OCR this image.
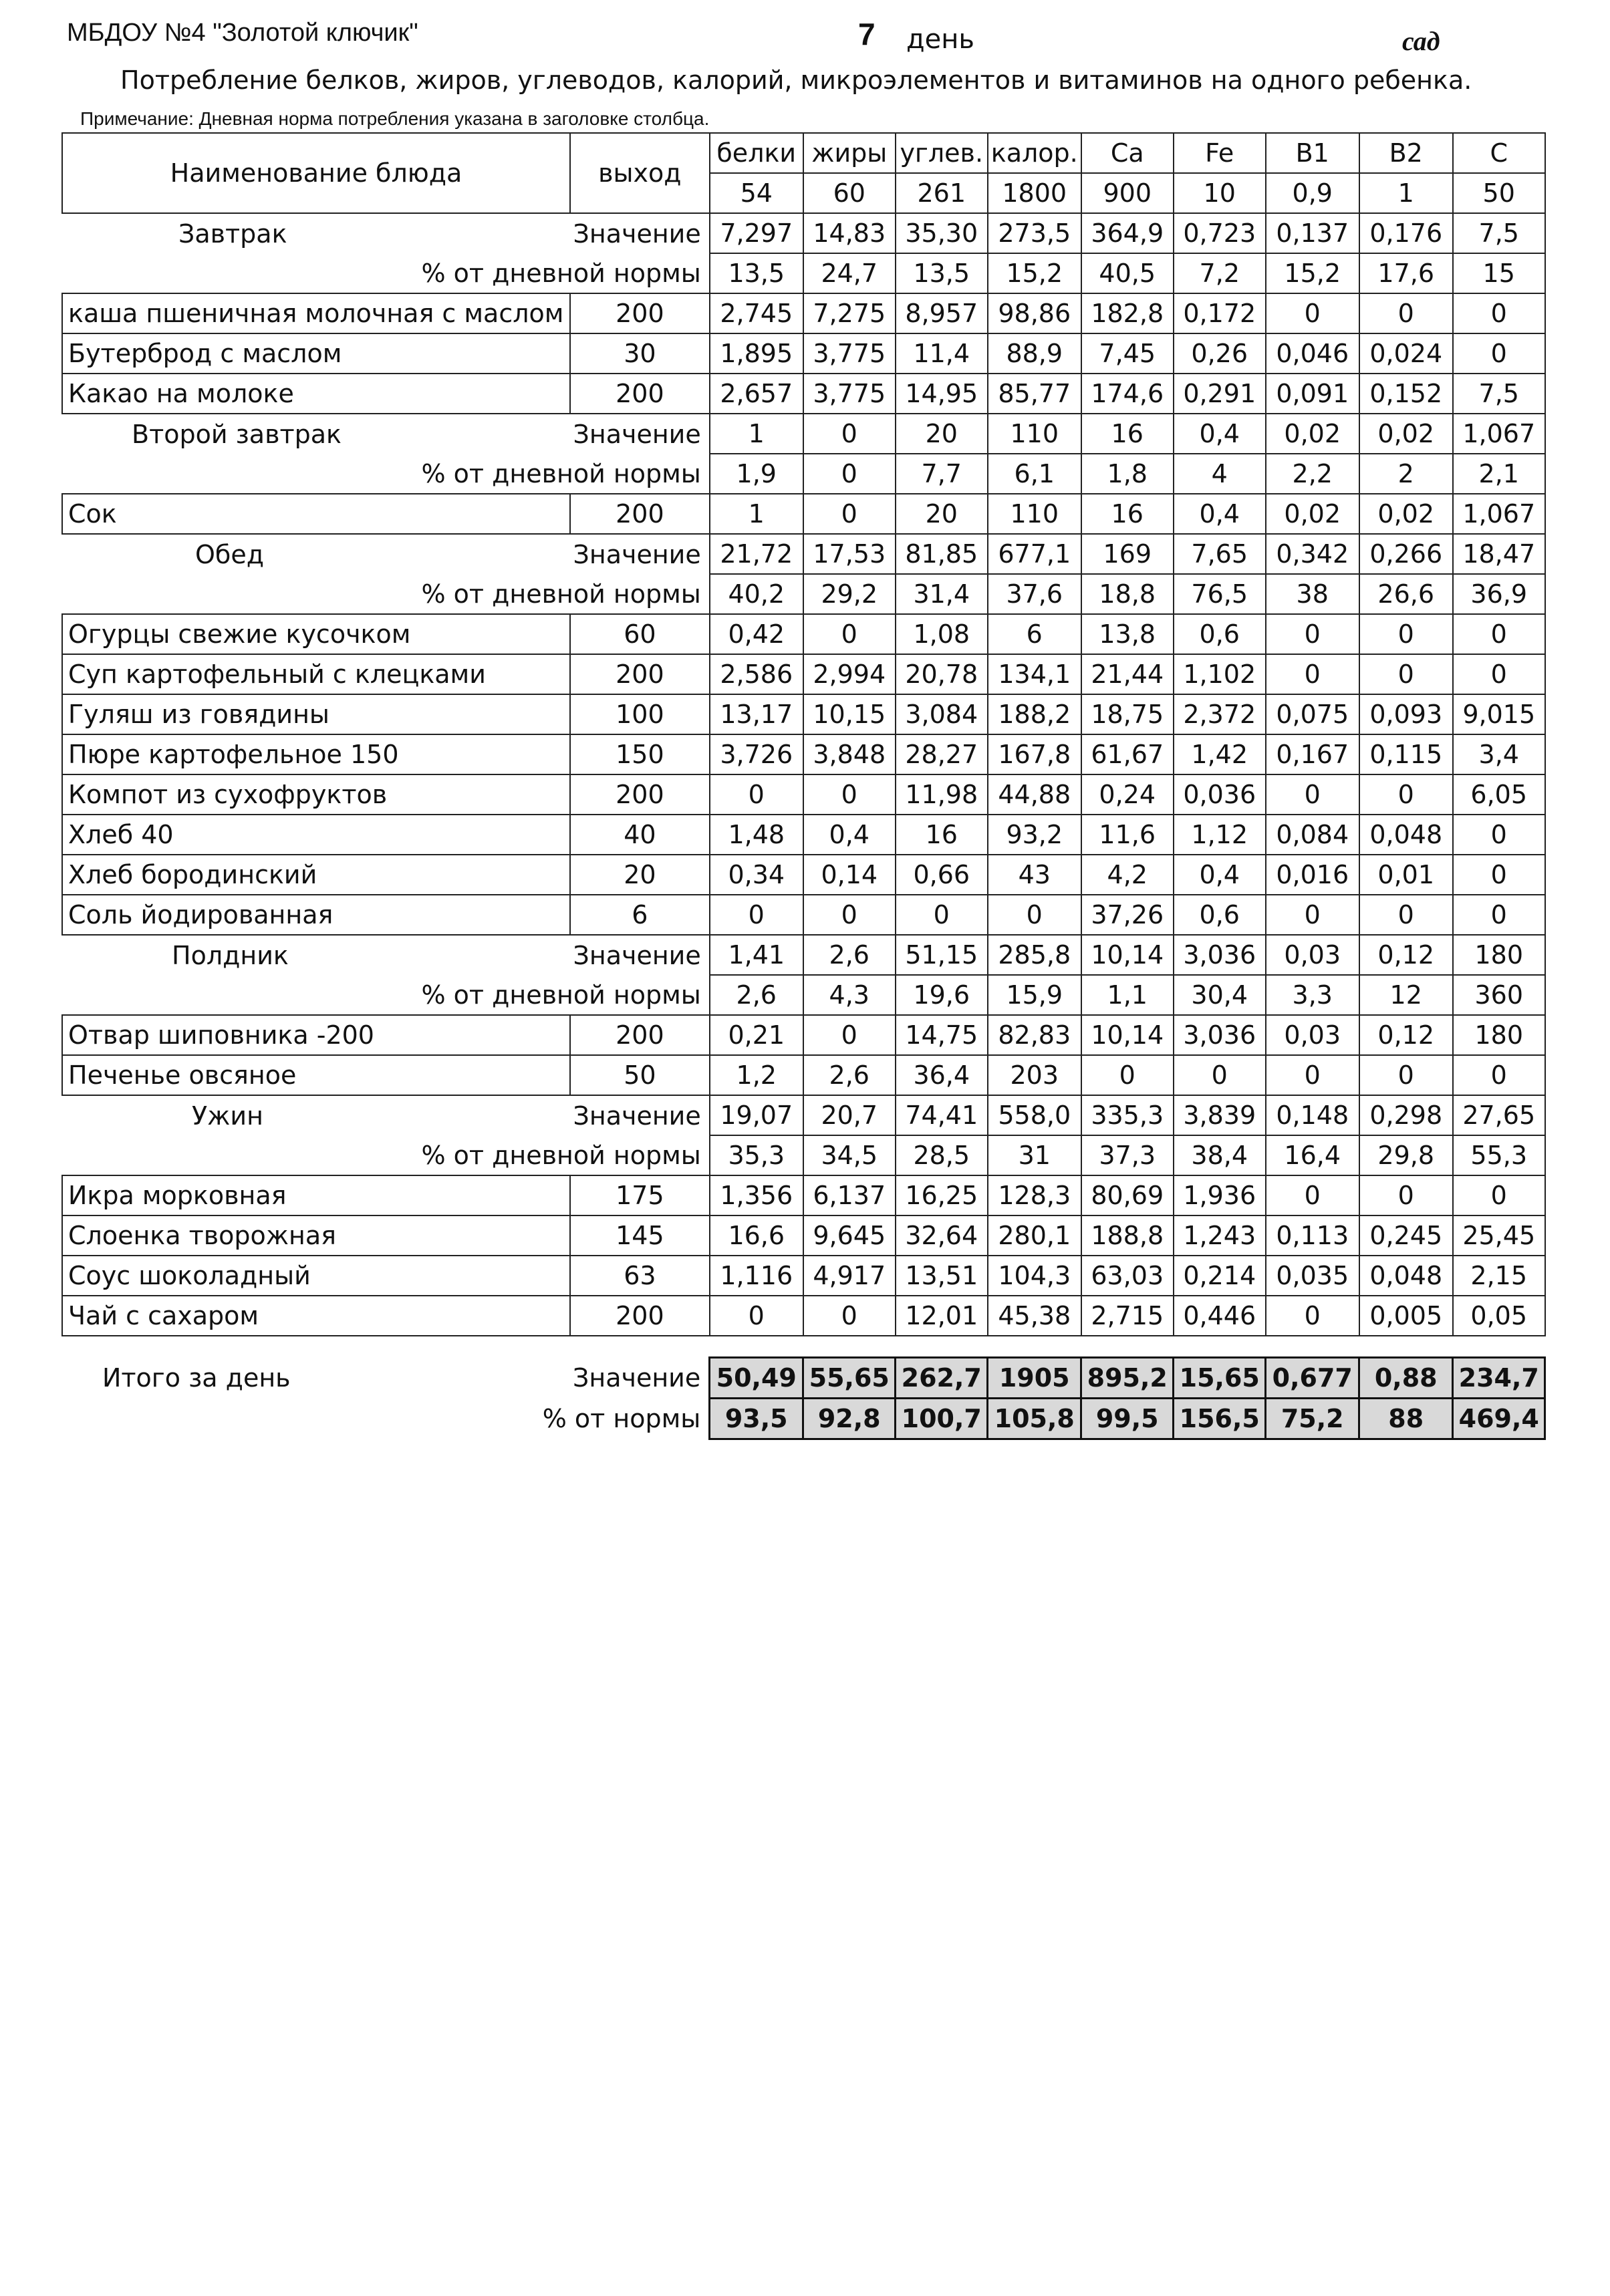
МБДОУ №4 "Золотой ключик"	7 день	сад
Потребление белков, жиров, углеводов, калорий, микроэлементов и витаминов на одного ребенка.
Примечание: Дневная норма потребления указана в заголовке столбца.
Наименование блюда	выход	белки	жиры	углев.	калор.	Ca	Fe	B1	B2	C
		54	60	261	1800	900	10	0,9	1	50
Завтрак	Значение	7,297	14,83	35,30	273,5	364,9	0,723	0,137	0,176	7,5
% от дневной нормы		13,5	24,7	13,5	15,2	40,5	7,2	15,2	17,6	15
каша пшеничная молочная с маслом	200	2,745	7,275	8,957	98,86	182,8	0,172	0	0	0
Бутерброд с маслом	30	1,895	3,775	11,4	88,9	7,45	0,26	0,046	0,024	0
Какао на молоке	200	2,657	3,775	14,95	85,77	174,6	0,291	0,091	0,152	7,5
Второй завтрак	Значение	1	0	20	110	16	0,4	0,02	0,02	1,067
% от дневной нормы		1,9	0	7,7	6,1	1,8	4	2,2	2	2,1
Сок	200	1	0	20	110	16	0,4	0,02	0,02	1,067
Обед	Значение	21,72	17,53	81,85	677,1	169	7,65	0,342	0,266	18,47
% от дневной нормы		40,2	29,2	31,4	37,6	18,8	76,5	38	26,6	36,9
Огурцы свежие кусочком	60	0,42	0	1,08	6	13,8	0,6	0	0	0
Суп картофельный с клецками	200	2,586	2,994	20,78	134,1	21,44	1,102	0	0	0
Гуляш из говядины	100	13,17	10,15	3,084	188,2	18,75	2,372	0,075	0,093	9,015
Пюре картофельное 150	150	3,726	3,848	28,27	167,8	61,67	1,42	0,167	0,115	3,4
Компот из сухофруктов	200	0	0	11,98	44,88	0,24	0,036	0	0	6,05
Хлеб 40	40	1,48	0,4	16	93,2	11,6	1,12	0,084	0,048	0
Хлеб бородинский	20	0,34	0,14	0,66	43	4,2	0,4	0,016	0,01	0
Соль йодированная	6	0	0	0	0	37,26	0,6	0	0	0
Полдник	Значение	1,41	2,6	51,15	285,8	10,14	3,036	0,03	0,12	180
% от дневной нормы		2,6	4,3	19,6	15,9	1,1	30,4	3,3	12	360
Отвар шиповника -200	200	0,21	0	14,75	82,83	10,14	3,036	0,03	0,12	180
Печенье овсяное	50	1,2	2,6	36,4	203	0	0	0	0	0
Ужин	Значение	19,07	20,7	74,41	558,0	335,3	3,839	0,148	0,298	27,65
% от дневной нормы		35,3	34,5	28,5	31	37,3	38,4	16,4	29,8	55,3
Икра морковная	175	1,356	6,137	16,25	128,3	80,69	1,936	0	0	0
Слоенка творожная	145	16,6	9,645	32,64	280,1	188,8	1,243	0,113	0,245	25,45
Соус шоколадный	63	1,116	4,917	13,51	104,3	63,03	0,214	0,035	0,048	2,15
Чай с сахаром	200	0	0	12,01	45,38	2,715	0,446	0	0,005	0,05

Итого за день	Значение	50,49	55,65	262,7	1905	895,2	15,65	0,677	0,88	234,7
% от нормы		93,5	92,8	100,7	105,8	99,5	156,5	75,2	88	469,4
